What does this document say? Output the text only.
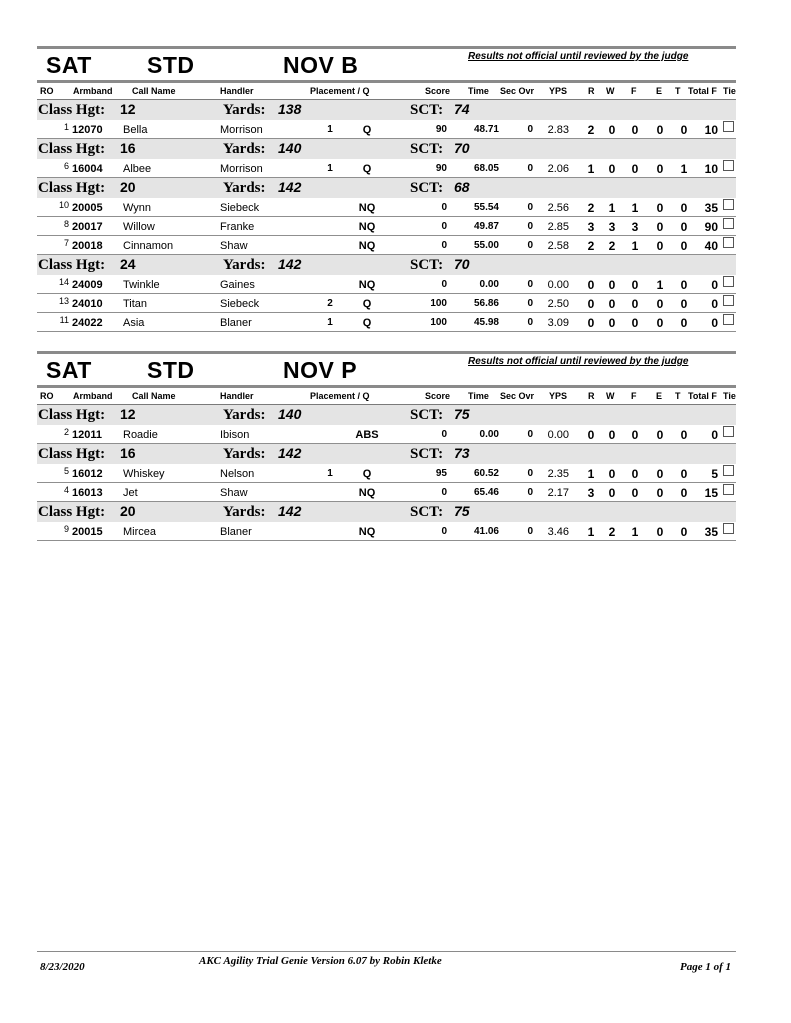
SAT STD	NOV B	Results not official until reviewed by the judge
RO Armband Call Name	Handler	Placement / Q	Score Time Sec Ovr YPS R W F E T Total F Tie
Class Hgt: 12	Yards: 138	SCT: 74
1 12070 Bella	Morrison	1	Q	90	48.71	0	2.83 2 0 0 0 0	10
Class Hgt: 16	Yards: 140	SCT: 70
6 16004 Albee	Morrison	1	Q	90	68.05	0	2.06 1 0 0 0 1	10
Class Hgt: 20	Yards: 142	SCT: 68
10 20005 Wynn	Siebeck	NQ	0	55.54	0	2.56 2 1 1 0 0	35
8 20017 Willow	Franke	NQ	0	49.87	0	2.85 3 3 3 0 0	90
7 20018 Cinnamon	Shaw	NQ	0	55.00	0	2.58 2 2 1 0 0	40
Class Hgt: 24	Yards: 142	SCT: 70
14 24009 Twinkle	Gaines	NQ	0	0.00	0	0.00 0 0 0 1 0	0
13 24010 Titan	Siebeck	2	Q	100	56.86	0	2.50 0 0 0 0 0	0
11 24022 Asia	Blaner	1	Q	100	45.98	0	3.09 0 0 0 0 0	0
SAT STD	NOV P	Results not official until reviewed by the judge
RO Armband Call Name	Handler	Placement / Q	Score Time Sec Ovr YPS R W F E T Total F Tie
Class Hgt: 12	Yards: 140	SCT: 75
2 12011 Roadie	Ibison	ABS	0	0.00	0	0.00 0 0 0 0 0	0
Class Hgt: 16	Yards: 142	SCT: 73
5 16012 Whiskey	Nelson	1	Q	95	60.52	0	2.35 1 0 0 0 0	5
4 16013 Jet	Shaw	NQ	0	65.46	0	2.17 3 0 0 0 0	15
Class Hgt: 20	Yards: 142	SCT: 75
9 20015 Mircea	Blaner	NQ	0	41.06	0	3.46 1 2 1 0 0	35
8/23/2020	AKC Agility Trial Genie Version 6.07 by Robin Kletke	Page 1 of 1
